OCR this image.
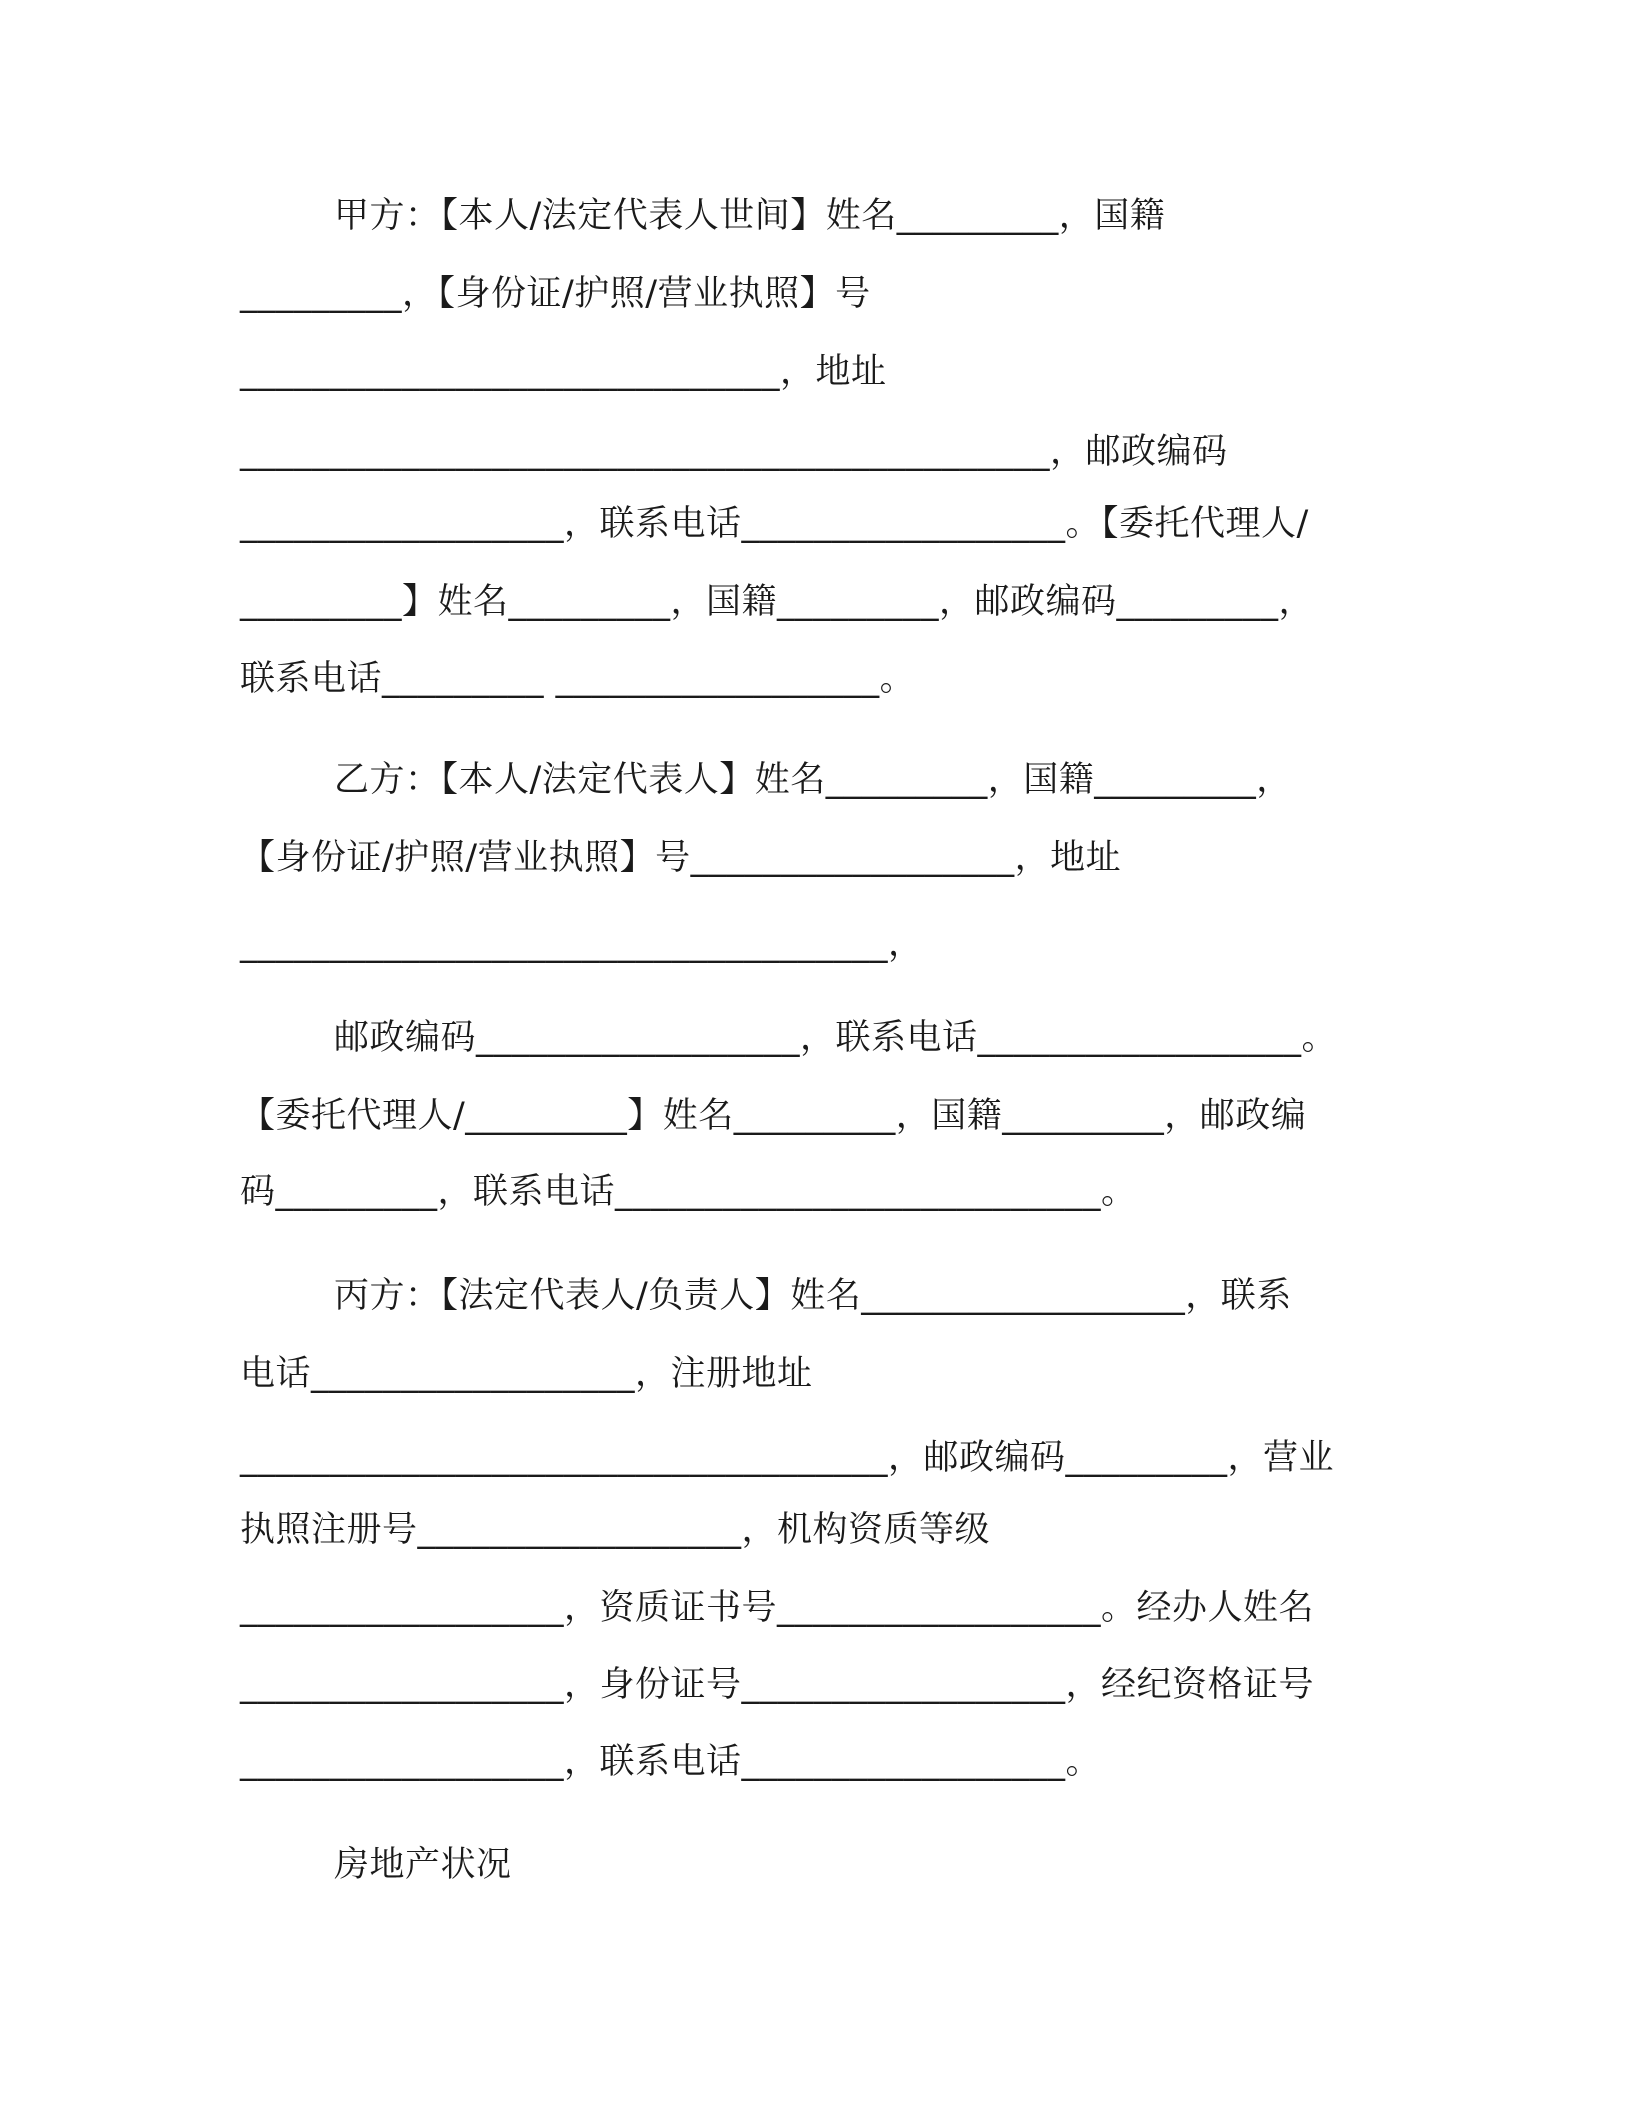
甲方：【本人/法定代表人世间】姓名_________，国籍
_________，【身份证/护照/营业执照】号
______________________________，地址
_____________________________________________，邮政编码
__________________，联系电话__________________。【委托代理人/
_________】姓名_________，国籍_________，邮政编码_________，
联系电话_________ __________________。
乙方：【本人/法定代表人】姓名_________，国籍_________，
【身份证/护照/营业执照】号__________________，地址
____________________________________，
邮政编码__________________，联系电话__________________。
【委托代理人/_________】姓名_________，国籍_________，邮政编
码_________，联系电话___________________________。
丙方：【法定代表人/负责人】姓名__________________，联系
电话__________________，注册地址
____________________________________，邮政编码_________，营业
执照注册号__________________，机构资质等级
__________________，资质证书号__________________。经办人姓名
__________________，身份证号__________________，经纪资格证号
__________________，联系电话__________________。
房地产状况
